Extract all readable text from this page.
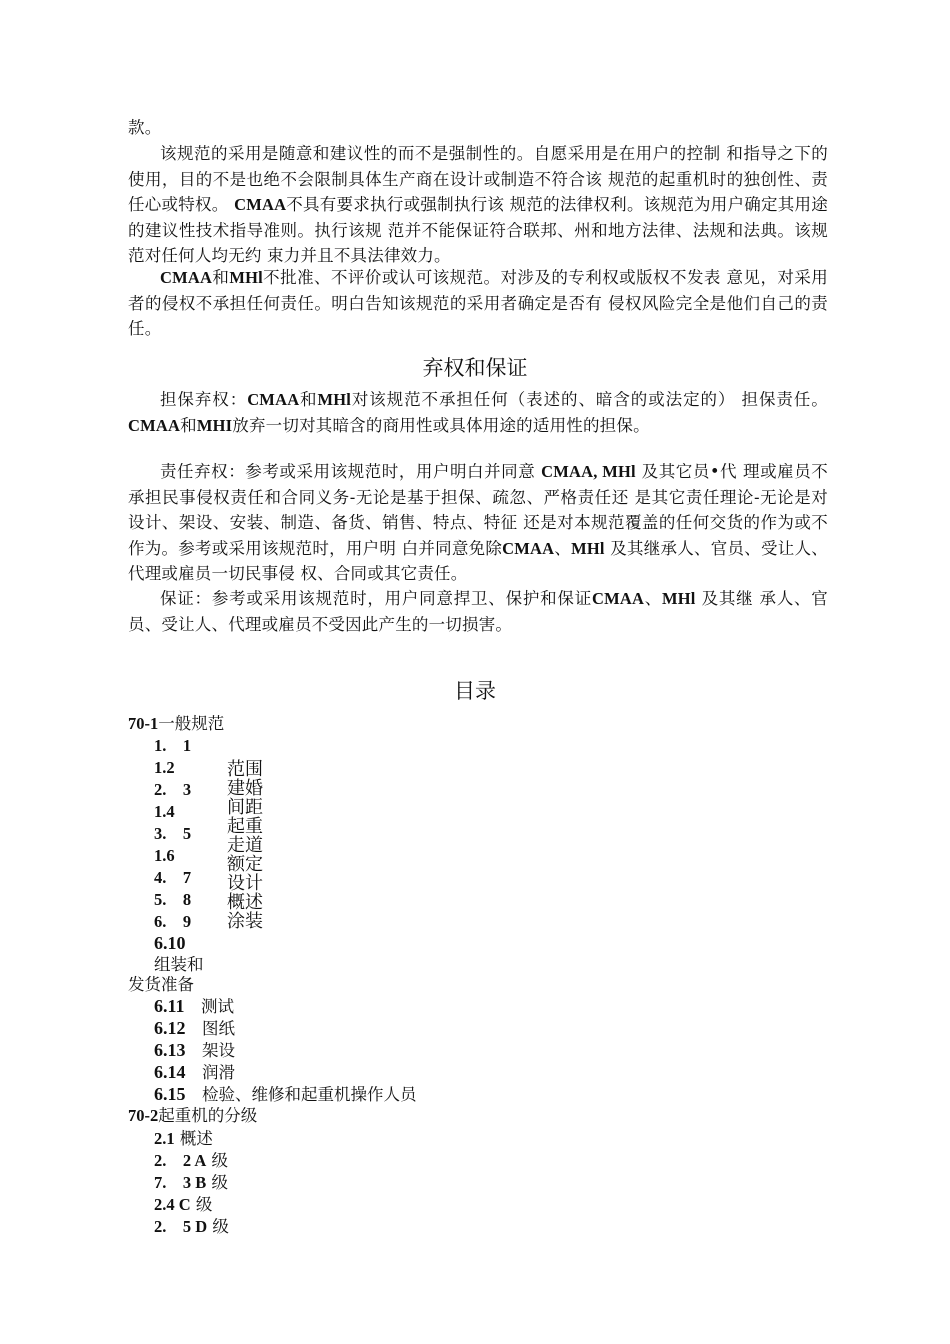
款。

该规范的采用是随意和建议性的而不是强制性的。自愿采用是在用户的控制 和指导之下的使用，目的不是也绝不会限制具体生产商在设计或制造不符合该 规范的起重机时的独创性、责任心或特权。 CMAA不具有要求执行或强制执行该 规范的法律权利。该规范为用户确定其用途的建议性技术指导准则。执行该规 范并不能保证符合联邦、州和地方法律、法规和法典。该规范对任何人均无约 束力并且不具法律效力。

CMAA和MHl不批准、不评价或认可该规范。对涉及的专利权或版权不发表 意见，对采用者的侵权不承担任何责任。明白告知该规范的采用者确定是否有 侵权风险完全是他们自己的责任。

弃权和保证

担保弃权：CMAA和MHl对该规范不承担任何（表述的、暗含的或法定的） 担保责任。CMAA和MHI放弃一切对其暗含的商用性或具体用途的适用性的担保。

责任弃权：参考或采用该规范时，用户明白并同意 CMAA, MHl 及其它员•代 理或雇员不承担民事侵权责任和合同义务-无论是基于担保、疏忽、严格责任还 是其它责任理论-无论是对设计、架设、安装、制造、备货、销售、特点、特征 还是对本规范覆盖的任何交货的作为或不作为。参考或采用该规范时，用户明 白并同意免除CMAA、MHl 及其继承人、官员、受让人、代理或雇员一切民事侵 权、合同或其它责任。

保证：参考或采用该规范时，用户同意捍卫、保护和保证CMAA、MHl 及其继 承人、官员、受让人、代理或雇员不受因此产生的一切损害。

目录
70-1一般规范
1.　1
1.2
2.　3
1.4
3.　5
1.6
4.　7
5.　8
6.　9
6.10
范围
建婚
间距
起重
走道
额定
设计
概述
涂装
组装和
发货准备
6.11　 测试
6.12　 图纸
6.13　 架设
6.14　 润滑
6.15　 检验、维修和起重机操作人员
70-2起重机的分级
2.1 概述
2.　2 A 级
7.　3 B 级
2.4 C 级
2.　5 D 级
